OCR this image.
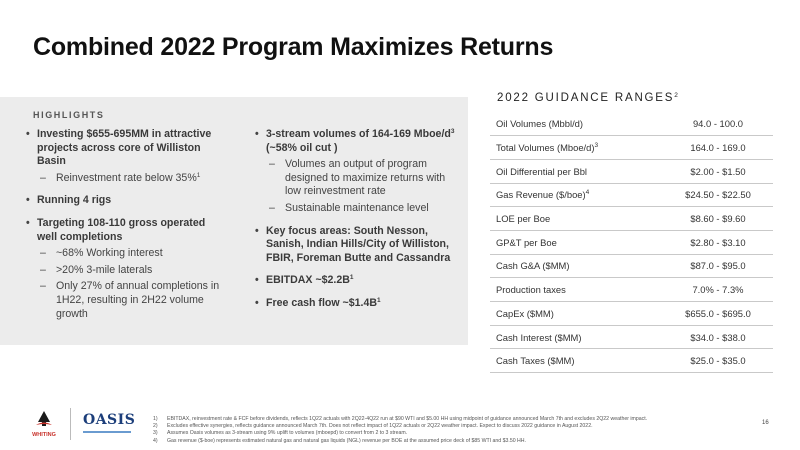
Combined 2022 Program Maximizes Returns
HIGHLIGHTS
• Investing $655-695MM in attractive projects across core of Williston Basin
– Reinvestment rate below 35%$^1$
• Running 4 rigs
• Targeting 108-110 gross operated well completions
– ~68% Working interest
– >20% 3-mile laterals
– Only 27% of annual completions in 1H22, resulting in 2H22 volume growth
• 3-stream volumes of 164-169 Mboe/$d^3$ (~58% oil cut )
– Volumes an output of program designed to maximize returns with low reinvestment rate
– Sustainable maintenance level
• Key focus areas: South Nesson, Sanish, Indian Hills/City of Williston, FBIR, Foreman Butte and Cassandra
• EBITDAX $\sim\$2.2B^1$
• Free cash flow $\sim\$1.4B^1$
2022 GUIDANCE RANGES$^2$
Oil Volumes (Mbbl/d)	94.0 - 100.0
Total Volumes (Mboe/d)$^3$	164.0 - 169.0
Oil Differential per Bbl	$2.00 - $1.50
Gas Revenue ($/boe)$^4$	$24.50 - $22.50
LOE per Boe	$8.60 - $9.60
GP&T per Boe	$2.80 - $3.10
Cash G&A ($MM)	$87.0 - $95.0
Production taxes	7.0% - 7.3%
CapEx ($MM)	$655.0 - $695.0
Cash Interest ($MM)	$34.0 - $38.0
Cash Taxes ($MM)	$25.0 - $35.0
WHITING
OASIS	1) EBITDAX, reinvestment rate & FCF before dividends, reflects 1Q22 actuals with 2Q22-4Q22 run at $90 WTI and $5.00 HH using midpoint of guidance announced March 7th and excludes 2Q22 weather impact.
2) Excludes effective synergies, reflects guidance announced March 7th. Does not reflect impact of 1Q22 actuals or 2Q22 weather impact. Expect to discuss 2022 guidance in August 2022.
3) Assumes Oasis volumes as 3-stream using 9% uplift to volumes (mboepd) to convert from 2 to 3 stream.
4) Gas revenue ($-boe) represents estimated natural gas and natural gas liquids (NGL) revenue per BOE at the assumed price deck of $85 WTI and $3.50 HH.
16
